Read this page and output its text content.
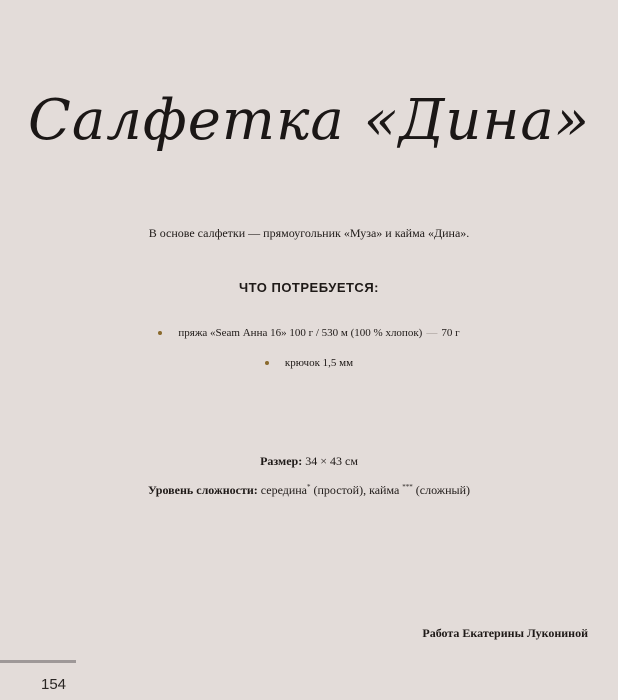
Салфетка «Дина»
В основе салфетки — прямоугольник «Муза» и кайма «Дина».
ЧТО ПОТРЕБУЕТСЯ:
пряжа «Seam Анна 16» 100 г / 530 м (100 % хлопок) — 70 г
крючок 1,5 мм
Размер: 34 × 43 см
Уровень сложности: середина* (простой), кайма *** (сложный)
Работа Екатерины Лукониной
154
